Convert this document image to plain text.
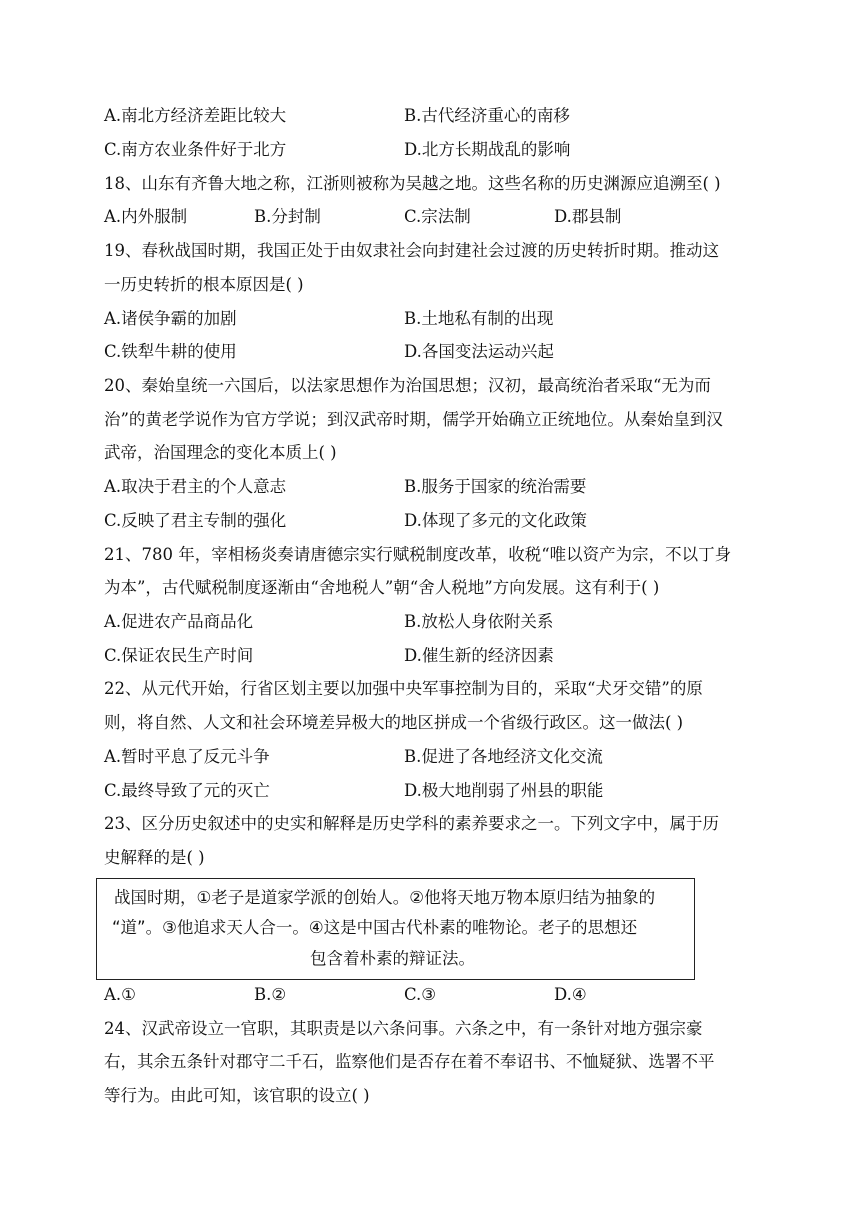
A.南北方经济差距比较大	B.古代经济重心的南移
C.南方农业条件好于北方	D.北方长期战乱的影响
18、山东有齐鲁大地之称，江浙则被称为吴越之地。这些名称的历史渊源应追溯至( )
A.内外服制	B.分封制	C.宗法制	D.郡县制
19、春秋战国时期，我国正处于由奴隶社会向封建社会过渡的历史转折时期。推动这
一历史转折的根本原因是( )
A.诸侯争霸的加剧	B.土地私有制的出现
C.铁犁牛耕的使用	D.各国变法运动兴起
20、秦始皇统一六国后，以法家思想作为治国思想；汉初，最高统治者采取“无为而
治”的黄老学说作为官方学说；到汉武帝时期，儒学开始确立正统地位。从秦始皇到汉
武帝，治国理念的变化本质上( )
A.取决于君主的个人意志	B.服务于国家的统治需要
C.反映了君主专制的强化	D.体现了多元的文化政策
21、780 年，宰相杨炎奏请唐德宗实行赋税制度改革，收税“唯以资产为宗，不以丁身
为本”，古代赋税制度逐渐由“舍地税人”朝“舍人税地”方向发展。这有利于( )
A.促进农产品商品化	B.放松人身依附关系
C.保证农民生产时间	D.催生新的经济因素
22、从元代开始，行省区划主要以加强中央军事控制为目的，采取“犬牙交错”的原
则，将自然、人文和社会环境差异极大的地区拼成一个省级行政区。这一做法( )
A.暂时平息了反元斗争	B.促进了各地经济文化交流
C.最终导致了元的灭亡	D.极大地削弱了州县的职能
23、区分历史叙述中的史实和解释是历史学科的素养要求之一。下列文字中，属于历
史解释的是( )
战国时期，①老子是道家学派的创始人。②他将天地万物本原归结为抽象的
“道”。③他追求天人合一。④这是中国古代朴素的唯物论。老子的思想还
包含着朴素的辩证法。
A.①	B.②	C.③	D.④
24、汉武帝设立一官职，其职责是以六条问事。六条之中，有一条针对地方强宗豪
右，其余五条针对郡守二千石，监察他们是否存在着不奉诏书、不恤疑狱、选署不平
等行为。由此可知，该官职的设立( )
